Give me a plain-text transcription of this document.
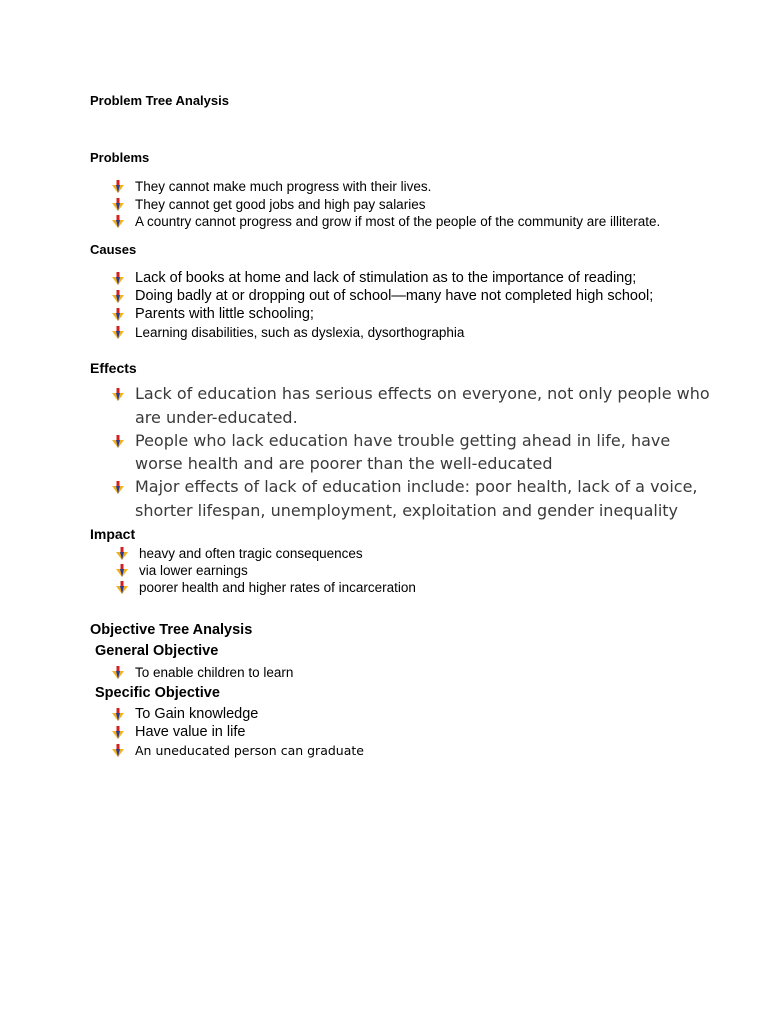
Problem Tree Analysis
Problems
They cannot make much progress with their lives.
They cannot get good jobs and high pay salaries
A country cannot progress and grow if most of the people of the community are illiterate.
Causes
Lack of books at home and lack of stimulation as to the importance of reading;
Doing badly at or dropping out of school—many have not completed high school;
Parents with little schooling;
Learning disabilities, such as dyslexia, dysorthographia
Effects
Lack of education has serious effects on everyone, not only people who
are under-educated.
People who lack education have trouble getting ahead in life, have
worse health and are poorer than the well-educated
Major effects of lack of education include: poor health, lack of a voice,
shorter lifespan, unemployment, exploitation and gender inequality
Impact
heavy and often tragic consequences
via lower earnings
poorer health and higher rates of incarceration
Objective Tree Analysis
General Objective
To enable children to learn
Specific Objective
To Gain knowledge
Have value in life
An uneducated person can graduate
